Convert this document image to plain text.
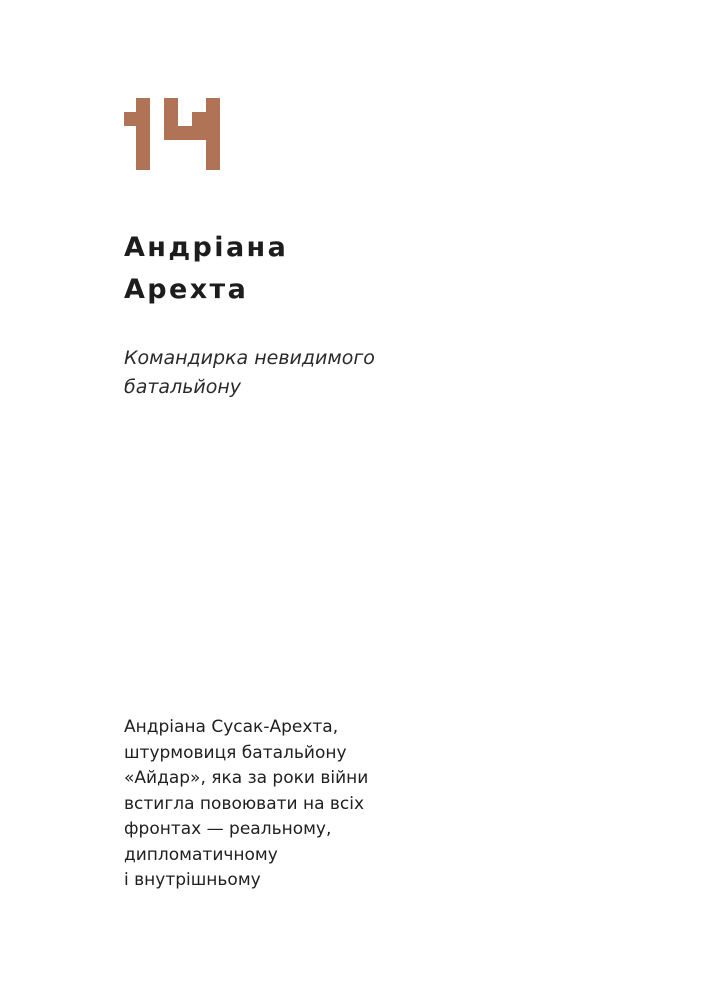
Андріана
Арехта

Командирка невидимого
батальйону

Андріана Сусак-Арехта,
штурмовиця батальйону
«Айдар», яка за роки війни
встигла повоювати на всіх
фронтах — реальному,
дипломатичному
і внутрішньому
